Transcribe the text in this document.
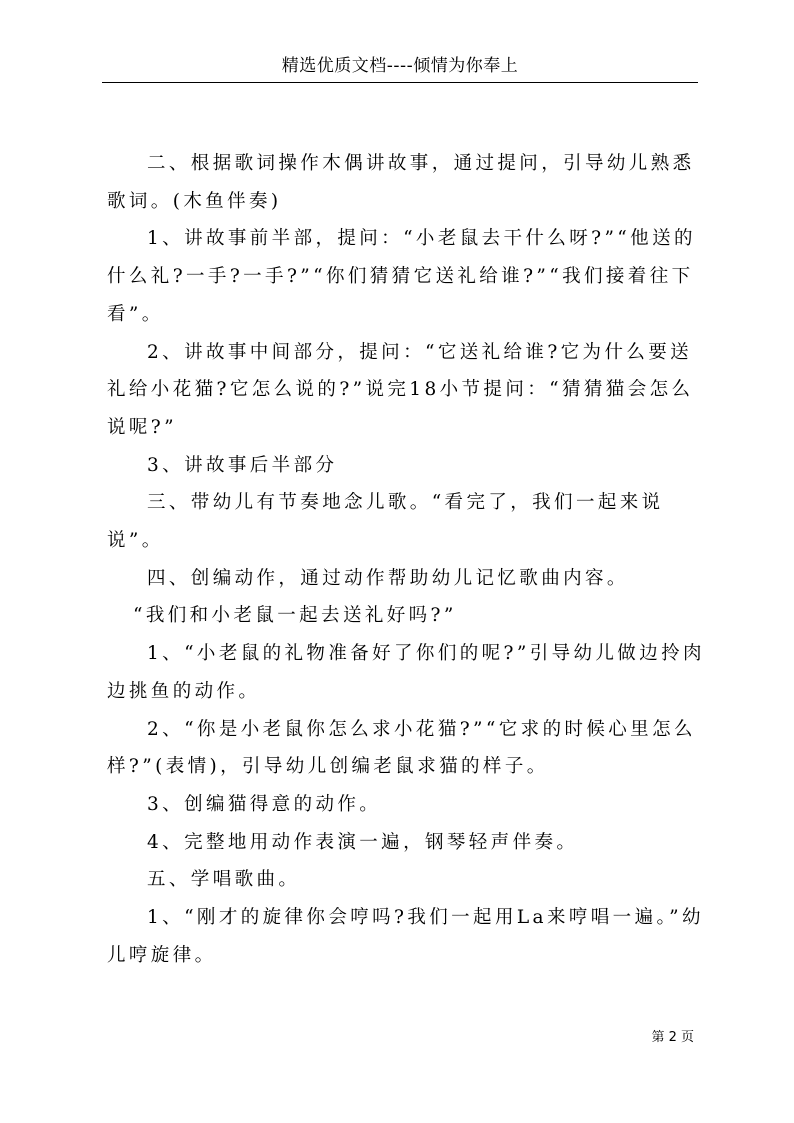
精选优质文档----倾情为你奉上

二、根据歌词操作木偶讲故事，通过提问，引导幼儿熟悉歌词。(木鱼伴奏)

1、讲故事前半部，提问：“小老鼠去干什么呀?”“他送的什么礼?一手?一手?”“你们猜猜它送礼给谁?”“我们接着往下看”。

2、讲故事中间部分，提问：“它送礼给谁?它为什么要送礼给小花猫?它怎么说的?”说完18小节提问：“猜猜猫会怎么说呢?”

3、讲故事后半部分

三、带幼儿有节奏地念儿歌。“看完了，我们一起来说说”。

四、创编动作，通过动作帮助幼儿记忆歌曲内容。

“我们和小老鼠一起去送礼好吗?”

1、“小老鼠的礼物准备好了你们的呢?”引导幼儿做边拎肉边挑鱼的动作。

2、“你是小老鼠你怎么求小花猫?”“它求的时候心里怎么样?”(表情)，引导幼儿创编老鼠求猫的样子。

3、创编猫得意的动作。

4、完整地用动作表演一遍，钢琴轻声伴奏。

五、学唱歌曲。

1、“刚才的旋律你会哼吗?我们一起用La来哼唱一遍。”幼儿哼旋律。

第 2 页
